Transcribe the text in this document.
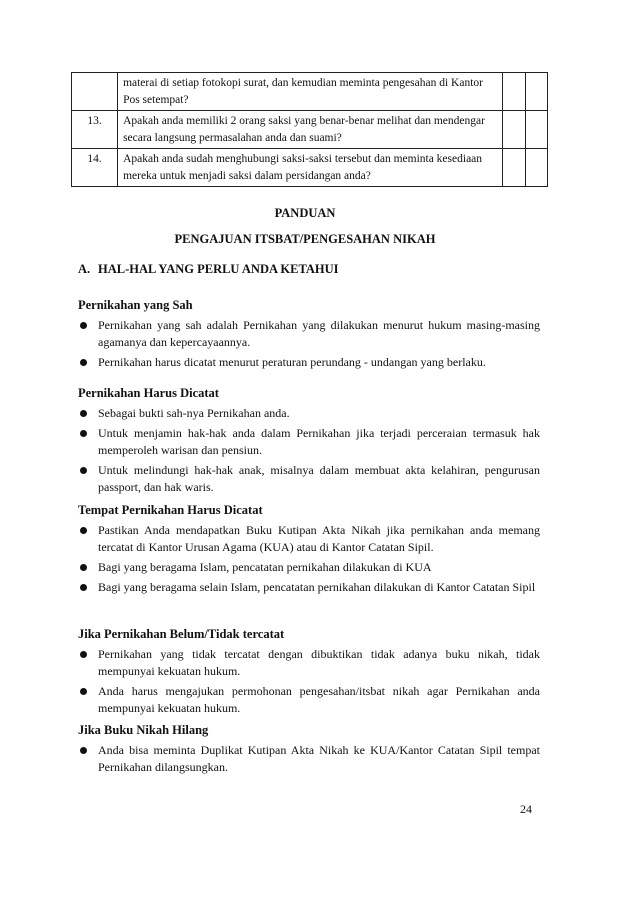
	materai di setiap fotokopi surat, dan kemudian meminta pengesahan di Kantor Pos setempat?		
13.	Apakah anda memiliki 2 orang saksi yang benar-benar melihat dan mendengar secara langsung permasalahan anda dan suami?		
14.	Apakah anda sudah menghubungi saksi-saksi tersebut dan meminta kesediaan mereka untuk menjadi saksi dalam persidangan anda?		
PANDUAN
PENGAJUAN ITSBAT/PENGESAHAN NIKAH
A. HAL-HAL YANG PERLU ANDA KETAHUI
Pernikahan yang Sah
Pernikahan yang sah adalah Pernikahan yang dilakukan menurut hukum masing-masing agamanya dan kepercayaannya.
Pernikahan harus dicatat menurut peraturan perundang - undangan yang berlaku.
Pernikahan Harus Dicatat
Sebagai bukti sah-nya Pernikahan anda.
Untuk menjamin hak-hak anda dalam Pernikahan jika terjadi perceraian termasuk hak memperoleh warisan dan pensiun.
Untuk melindungi hak-hak anak, misalnya dalam membuat akta kelahiran, pengurusan passport, dan hak waris.
Tempat Pernikahan Harus Dicatat
Pastikan Anda mendapatkan Buku Kutipan Akta Nikah jika pernikahan anda memang tercatat di Kantor Urusan Agama (KUA) atau di Kantor Catatan Sipil.
Bagi yang beragama Islam, pencatatan pernikahan dilakukan di KUA
Bagi yang beragama selain Islam, pencatatan pernikahan dilakukan di Kantor Catatan Sipil
Jika Pernikahan Belum/Tidak tercatat
Pernikahan yang tidak tercatat dengan dibuktikan tidak adanya buku nikah, tidak mempunyai kekuatan hukum.
Anda harus mengajukan permohonan pengesahan/itsbat nikah agar Pernikahan anda mempunyai kekuatan hukum.
Jika Buku Nikah Hilang
Anda bisa meminta Duplikat Kutipan Akta Nikah ke KUA/Kantor Catatan Sipil tempat Pernikahan dilangsungkan.
24
